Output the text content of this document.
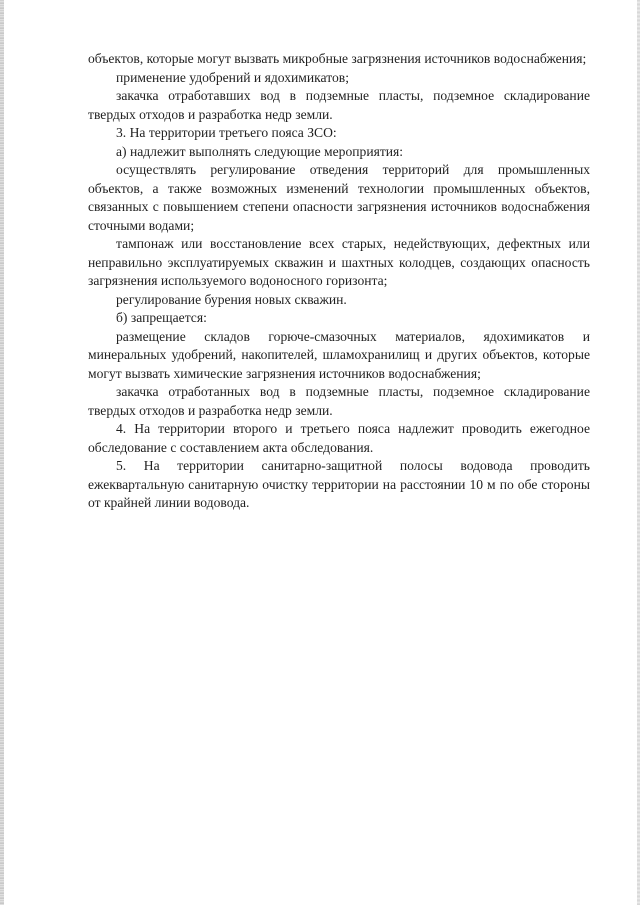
объектов, которые могут вызвать микробные загрязнения источников водоснабжения;

применение удобрений и ядохимикатов;

закачка отработавших вод в подземные пласты, подземное складирование твердых отходов и разработка недр земли.

3. На территории третьего пояса ЗСО:

а) надлежит выполнять следующие мероприятия:

осуществлять регулирование отведения территорий для промышленных объектов, а также возможных изменений технологии промышленных объектов, связанных с повышением степени опасности загрязнения источников водоснабжения сточными водами;

тампонаж или восстановление всех старых, недействующих, дефектных или неправильно эксплуатируемых скважин и шахтных колодцев, создающих опасность загрязнения используемого водоносного горизонта;

регулирование бурения новых скважин.

б) запрещается:

размещение складов горюче-смазочных материалов, ядохимикатов и минеральных удобрений, накопителей, шламохранилищ и других объектов, которые могут вызвать химические загрязнения источников водоснабжения;

закачка отработанных вод в подземные пласты, подземное складирование твердых отходов и разработка недр земли.

4. На территории второго и третьего пояса надлежит проводить ежегодное обследование с составлением акта обследования.

5. На территории санитарно-защитной полосы водовода проводить ежеквартальную санитарную очистку территории на расстоянии 10 м по обе стороны от крайней линии водовода.
